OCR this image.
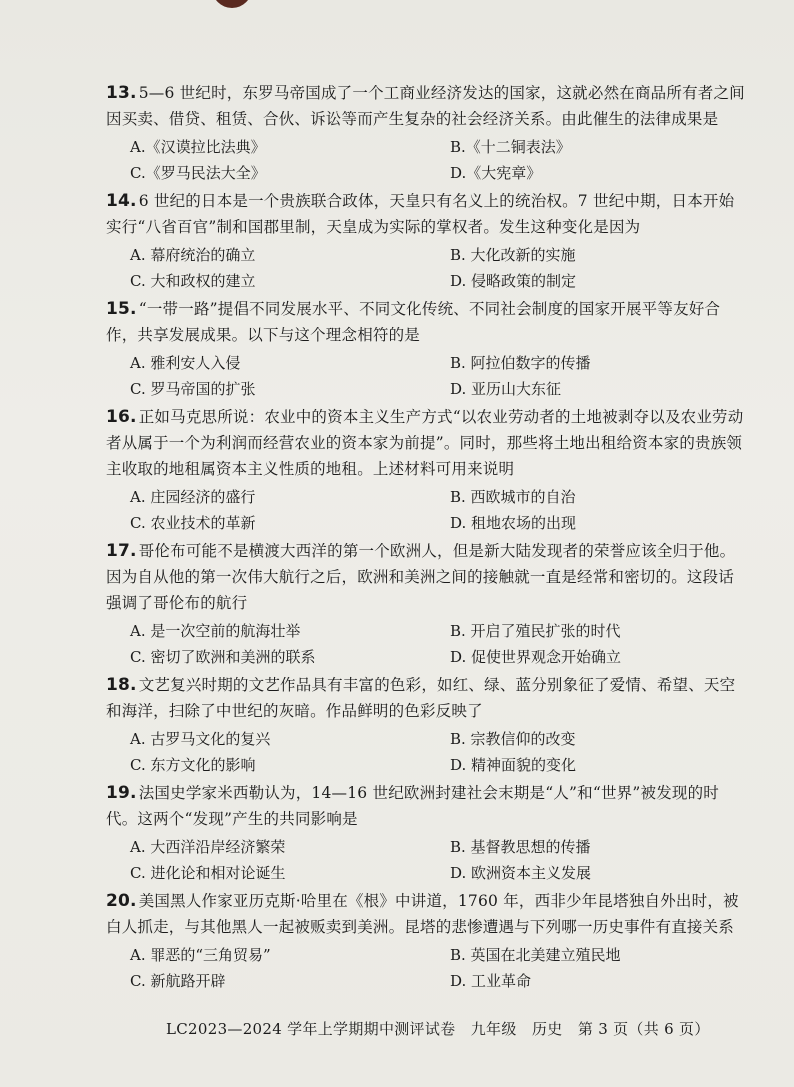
13. 5—6 世纪时，东罗马帝国成了一个工商业经济发达的国家，这就必然在商品所有者之间因买卖、借贷、租赁、合伙、诉讼等而产生复杂的社会经济关系。由此催生的法律成果是

A.《汉谟拉比法典》	B.《十二铜表法》
C.《罗马民法大全》	D.《大宪章》

14. 6 世纪的日本是一个贵族联合政体，天皇只有名义上的统治权。7 世纪中期，日本开始实行“八省百官”制和国郡里制，天皇成为实际的掌权者。发生这种变化是因为

A. 幕府统治的确立	B. 大化改新的实施
C. 大和政权的建立	D. 侵略政策的制定

15. “一带一路”提倡不同发展水平、不同文化传统、不同社会制度的国家开展平等友好合作，共享发展成果。以下与这个理念相符的是

A. 雅利安人入侵	B. 阿拉伯数字的传播
C. 罗马帝国的扩张	D. 亚历山大东征

16. 正如马克思所说：农业中的资本主义生产方式“以农业劳动者的土地被剥夺以及农业劳动者从属于一个为利润而经营农业的资本家为前提”。同时，那些将土地出租给资本家的贵族领主收取的地租属资本主义性质的地租。上述材料可用来说明

A. 庄园经济的盛行	B. 西欧城市的自治
C. 农业技术的革新	D. 租地农场的出现

17. 哥伦布可能不是横渡大西洋的第一个欧洲人，但是新大陆发现者的荣誉应该全归于他。因为自从他的第一次伟大航行之后，欧洲和美洲之间的接触就一直是经常和密切的。这段话强调了哥伦布的航行

A. 是一次空前的航海壮举	B. 开启了殖民扩张的时代
C. 密切了欧洲和美洲的联系	D. 促使世界观念开始确立

18. 文艺复兴时期的文艺作品具有丰富的色彩，如红、绿、蓝分别象征了爱情、希望、天空和海洋，扫除了中世纪的灰暗。作品鲜明的色彩反映了

A. 古罗马文化的复兴	B. 宗教信仰的改变
C. 东方文化的影响	D. 精神面貌的变化

19. 法国史学家米西勒认为，14—16 世纪欧洲封建社会末期是“人”和“世界”被发现的时代。这两个“发现”产生的共同影响是

A. 大西洋沿岸经济繁荣	B. 基督教思想的传播
C. 进化论和相对论诞生	D. 欧洲资本主义发展

20. 美国黑人作家亚历克斯·哈里在《根》中讲道，1760 年，西非少年昆塔独自外出时，被白人抓走，与其他黑人一起被贩卖到美洲。昆塔的悲惨遭遇与下列哪一历史事件有直接关系

A. 罪恶的“三角贸易”	B. 英国在北美建立殖民地
C. 新航路开辟	D. 工业革命
LC2023—2024 学年上学期期中测评试卷　九年级　历史　第 3 页（共 6 页）
